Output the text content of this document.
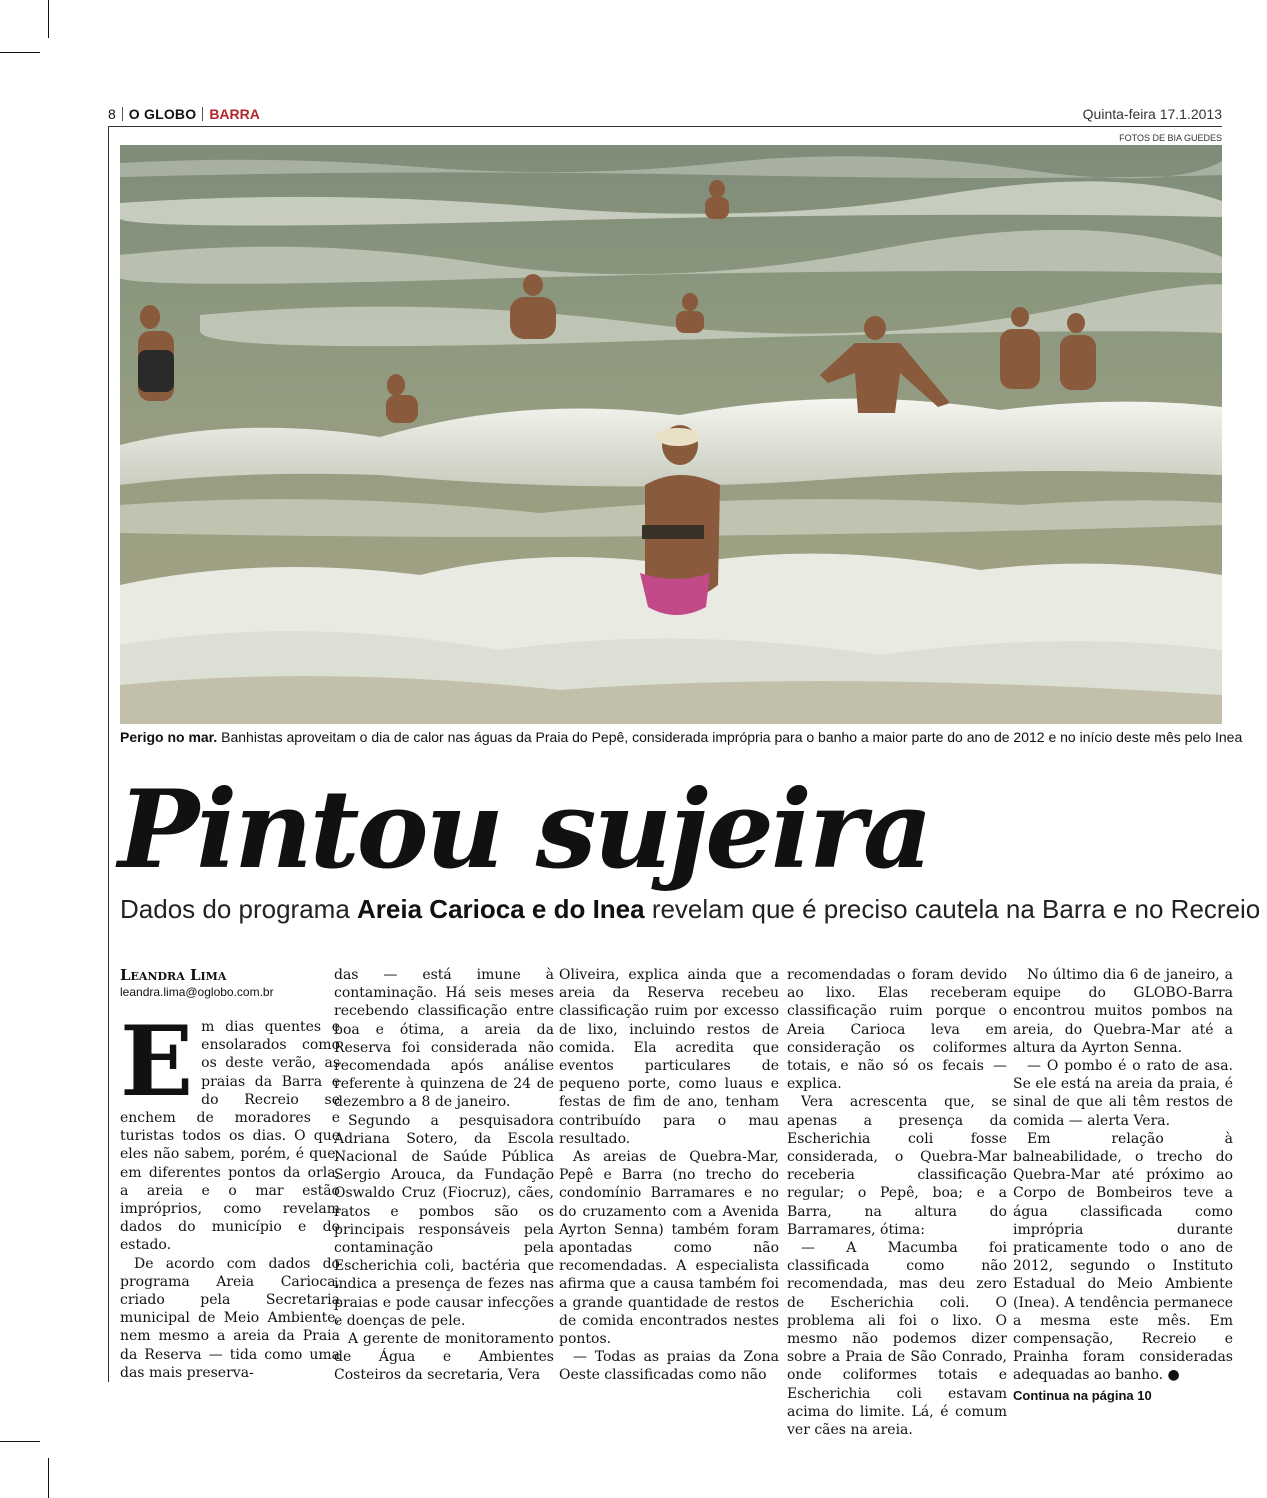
8 O GLOBO BARRA	Quinta-feira 17.1.2013
FOTOS DE BIA GUEDES
Perigo no mar. Banhistas aproveitam o dia de calor nas águas da Praia do Pepê, considerada imprópria para o banho a maior parte do ano de 2012 e no início deste mês pelo Inea
Pintou sujeira
Dados do programa Areia Carioca e do Inea revelam que é preciso cautela na Barra e no Recreio
Leandra Lima
leandra.lima@oglobo.com.br

Em dias quentes e ensolarados como os deste verão, as praias da Barra e do Recreio se enchem de moradores e turistas todos os dias. O que eles não sabem, porém, é que, em diferentes pontos da orla, a areia e o mar estão impróprios, como revelam dados do município e do estado.

De acordo com dados do programa Areia Carioca, criado pela Secretaria municipal de Meio Ambiente, nem mesmo a areia da Praia da Reserva — tida como uma das mais preserva-

das — está imune à contaminação. Há seis meses recebendo classificação entre boa e ótima, a areia da Reserva foi considerada não recomendada após análise referente à quinzena de 24 de dezembro a 8 de janeiro.

Segundo a pesquisadora Adriana Sotero, da Escola Nacional de Saúde Pública Sergio Arouca, da Fundação Oswaldo Cruz (Fiocruz), cães, ratos e pombos são os principais responsáveis pela contaminação pela Escherichia coli, bactéria que indica a presença de fezes nas praias e pode causar infecções e doenças de pele.

A gerente de monitoramento de Água e Ambientes Costeiros da secretaria, Vera

Oliveira, explica ainda que a areia da Reserva recebeu classificação ruim por excesso de lixo, incluindo restos de comida. Ela acredita que eventos particulares de pequeno porte, como luaus e festas de fim de ano, tenham contribuído para o mau resultado.

As areias de Quebra-Mar, Pepê e Barra (no trecho do condomínio Barramares e no do cruzamento com a Avenida Ayrton Senna) também foram apontadas como não recomendadas. A especialista afirma que a causa também foi a grande quantidade de restos de comida encontrados nestes pontos.

— Todas as praias da Zona Oeste classificadas como não

recomendadas o foram devido ao lixo. Elas receberam classificação ruim porque o Areia Carioca leva em consideração os coliformes totais, e não só os fecais — explica.

Vera acrescenta que, se apenas a presença da Escherichia coli fosse considerada, o Quebra-Mar receberia classificação regular; o Pepê, boa; e a Barra, na altura do Barramares, ótima:

— A Macumba foi classificada como não recomendada, mas deu zero de Escherichia coli. O problema ali foi o lixo. O mesmo não podemos dizer sobre a Praia de São Conrado, onde coliformes totais e Escherichia coli estavam acima do limite. Lá, é comum ver cães na areia.

No último dia 6 de janeiro, a equipe do GLOBO-Barra encontrou muitos pombos na areia, do Quebra-Mar até a altura da Ayrton Senna.

— O pombo é o rato de asa. Se ele está na areia da praia, é sinal de que ali têm restos de comida — alerta Vera.

Em relação à balneabilidade, o trecho do Quebra-Mar até próximo ao Corpo de Bombeiros teve a água classificada como imprópria durante praticamente todo o ano de 2012, segundo o Instituto Estadual do Meio Ambiente (Inea). A tendência permanece a mesma este mês. Em compensação, Recreio e Prainha foram consideradas adequadas ao banho. ●

Continua na página 10
